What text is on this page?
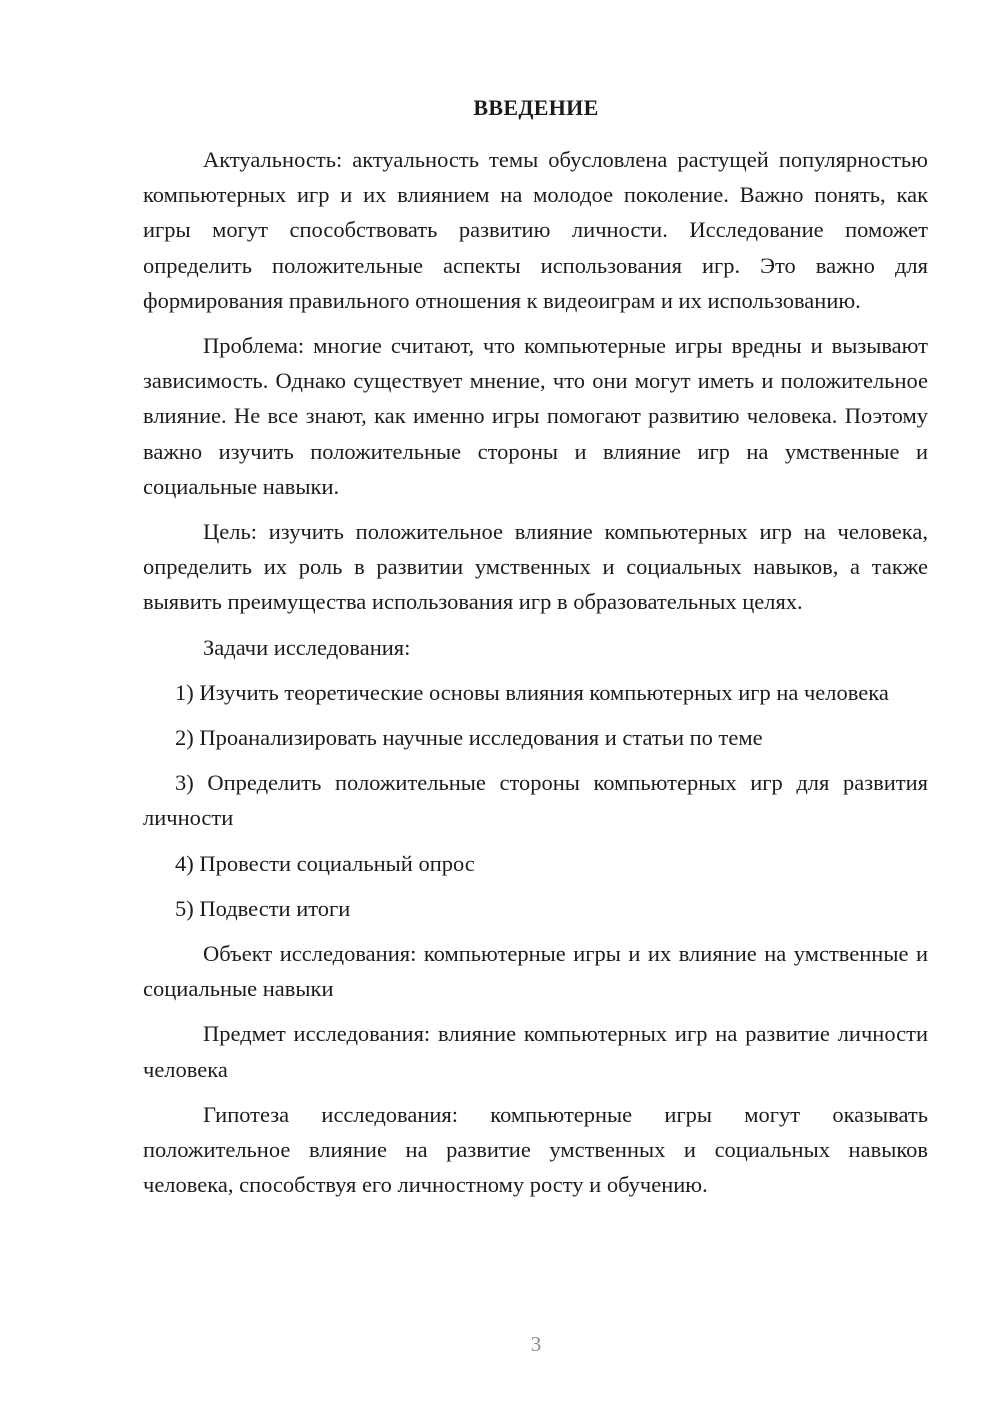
ВВЕДЕНИЕ

Актуальность: актуальность темы обусловлена растущей популярностью компьютерных игр и их влиянием на молодое поколение. Важно понять, как игры могут способствовать развитию личности. Исследование поможет определить положительные аспекты использования игр. Это важно для формирования правильного отношения к видеоиграм и их использованию.

Проблема: многие считают, что компьютерные игры вредны и вызывают зависимость. Однако существует мнение, что они могут иметь и положительное влияние. Не все знают, как именно игры помогают развитию человека. Поэтому важно изучить положительные стороны и влияние игр на умственные и социальные навыки.

Цель: изучить положительное влияние компьютерных игр на человека, определить их роль в развитии умственных и социальных навыков, а также выявить преимущества использования игр в образовательных целях.

Задачи исследования:

1) Изучить теоретические основы влияния компьютерных игр на человека

2) Проанализировать научные исследования и статьи по теме

3) Определить положительные стороны компьютерных игр для развития личности

4) Провести социальный опрос

5) Подвести итоги

Объект исследования: компьютерные игры и их влияние на умственные и социальные навыки

Предмет исследования: влияние компьютерных игр на развитие личности человека

Гипотеза исследования: компьютерные игры могут оказывать положительное влияние на развитие умственных и социальных навыков человека, способствуя его личностному росту и обучению.

3
